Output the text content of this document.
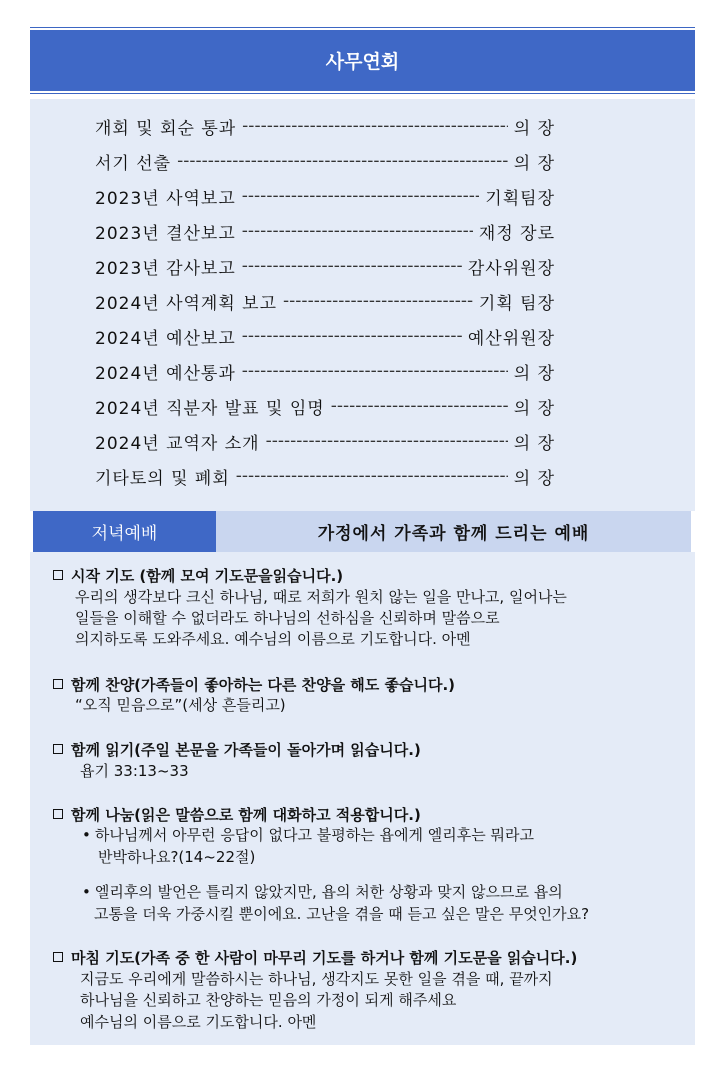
사무연회
개회 및 회순 통과 -----	의 장
서기 선출 -----	의 장
2023년 사역보고 -----	기획팀장
2023년 결산보고 -----	재정 장로
2023년 감사보고 -----	감사위원장
2024년 사역계획 보고 -----	기획 팀장
2024년 예산보고 -----	예산위원장
2024년 예산통과 -----	의 장
2024년 직분자 발표 및 임명 -----	의 장
2024년 교역자 소개 -----	의 장
기타토의 및 폐회 -----	의 장
저녁예배	가정에서 가족과 함께 드리는 예배
시작 기도 (함께 모여 기도문을읽습니다.)
우리의 생각보다 크신 하나님, 때로 저희가 원치 않는 일을 만나고, 일어나는
일들을 이해할 수 없더라도 하나님의 선하심을 신뢰하며 말씀으로
의지하도록 도와주세요. 예수님의 이름으로 기도합니다. 아멘
함께 찬양(가족들이 좋아하는 다른 찬양을 해도 좋습니다.)
“오직 믿음으로”(세상 흔들리고)
함께 읽기(주일 본문을 가족들이 돌아가며 읽습니다.)
욥기 33:13~33
함께 나눔(읽은 말씀으로 함께 대화하고 적용합니다.)
• 하나님께서 아무런 응답이 없다고 불평하는 욥에게 엘리후는 뭐라고
반박하나요?(14~22절)
• 엘리후의 발언은 틀리지 않았지만, 욥의 처한 상황과 맞지 않으므로 욥의
고통을 더욱 가중시킬 뿐이에요. 고난을 겪을 때 듣고 싶은 말은 무엇인가요?
마침 기도(가족 중 한 사람이 마무리 기도를 하거나 함께 기도문을 읽습니다.)
지금도 우리에게 말씀하시는 하나님, 생각지도 못한 일을 겪을 때, 끝까지
하나님을 신뢰하고 찬양하는 믿음의 가정이 되게 해주세요
예수님의 이름으로 기도합니다. 아멘
